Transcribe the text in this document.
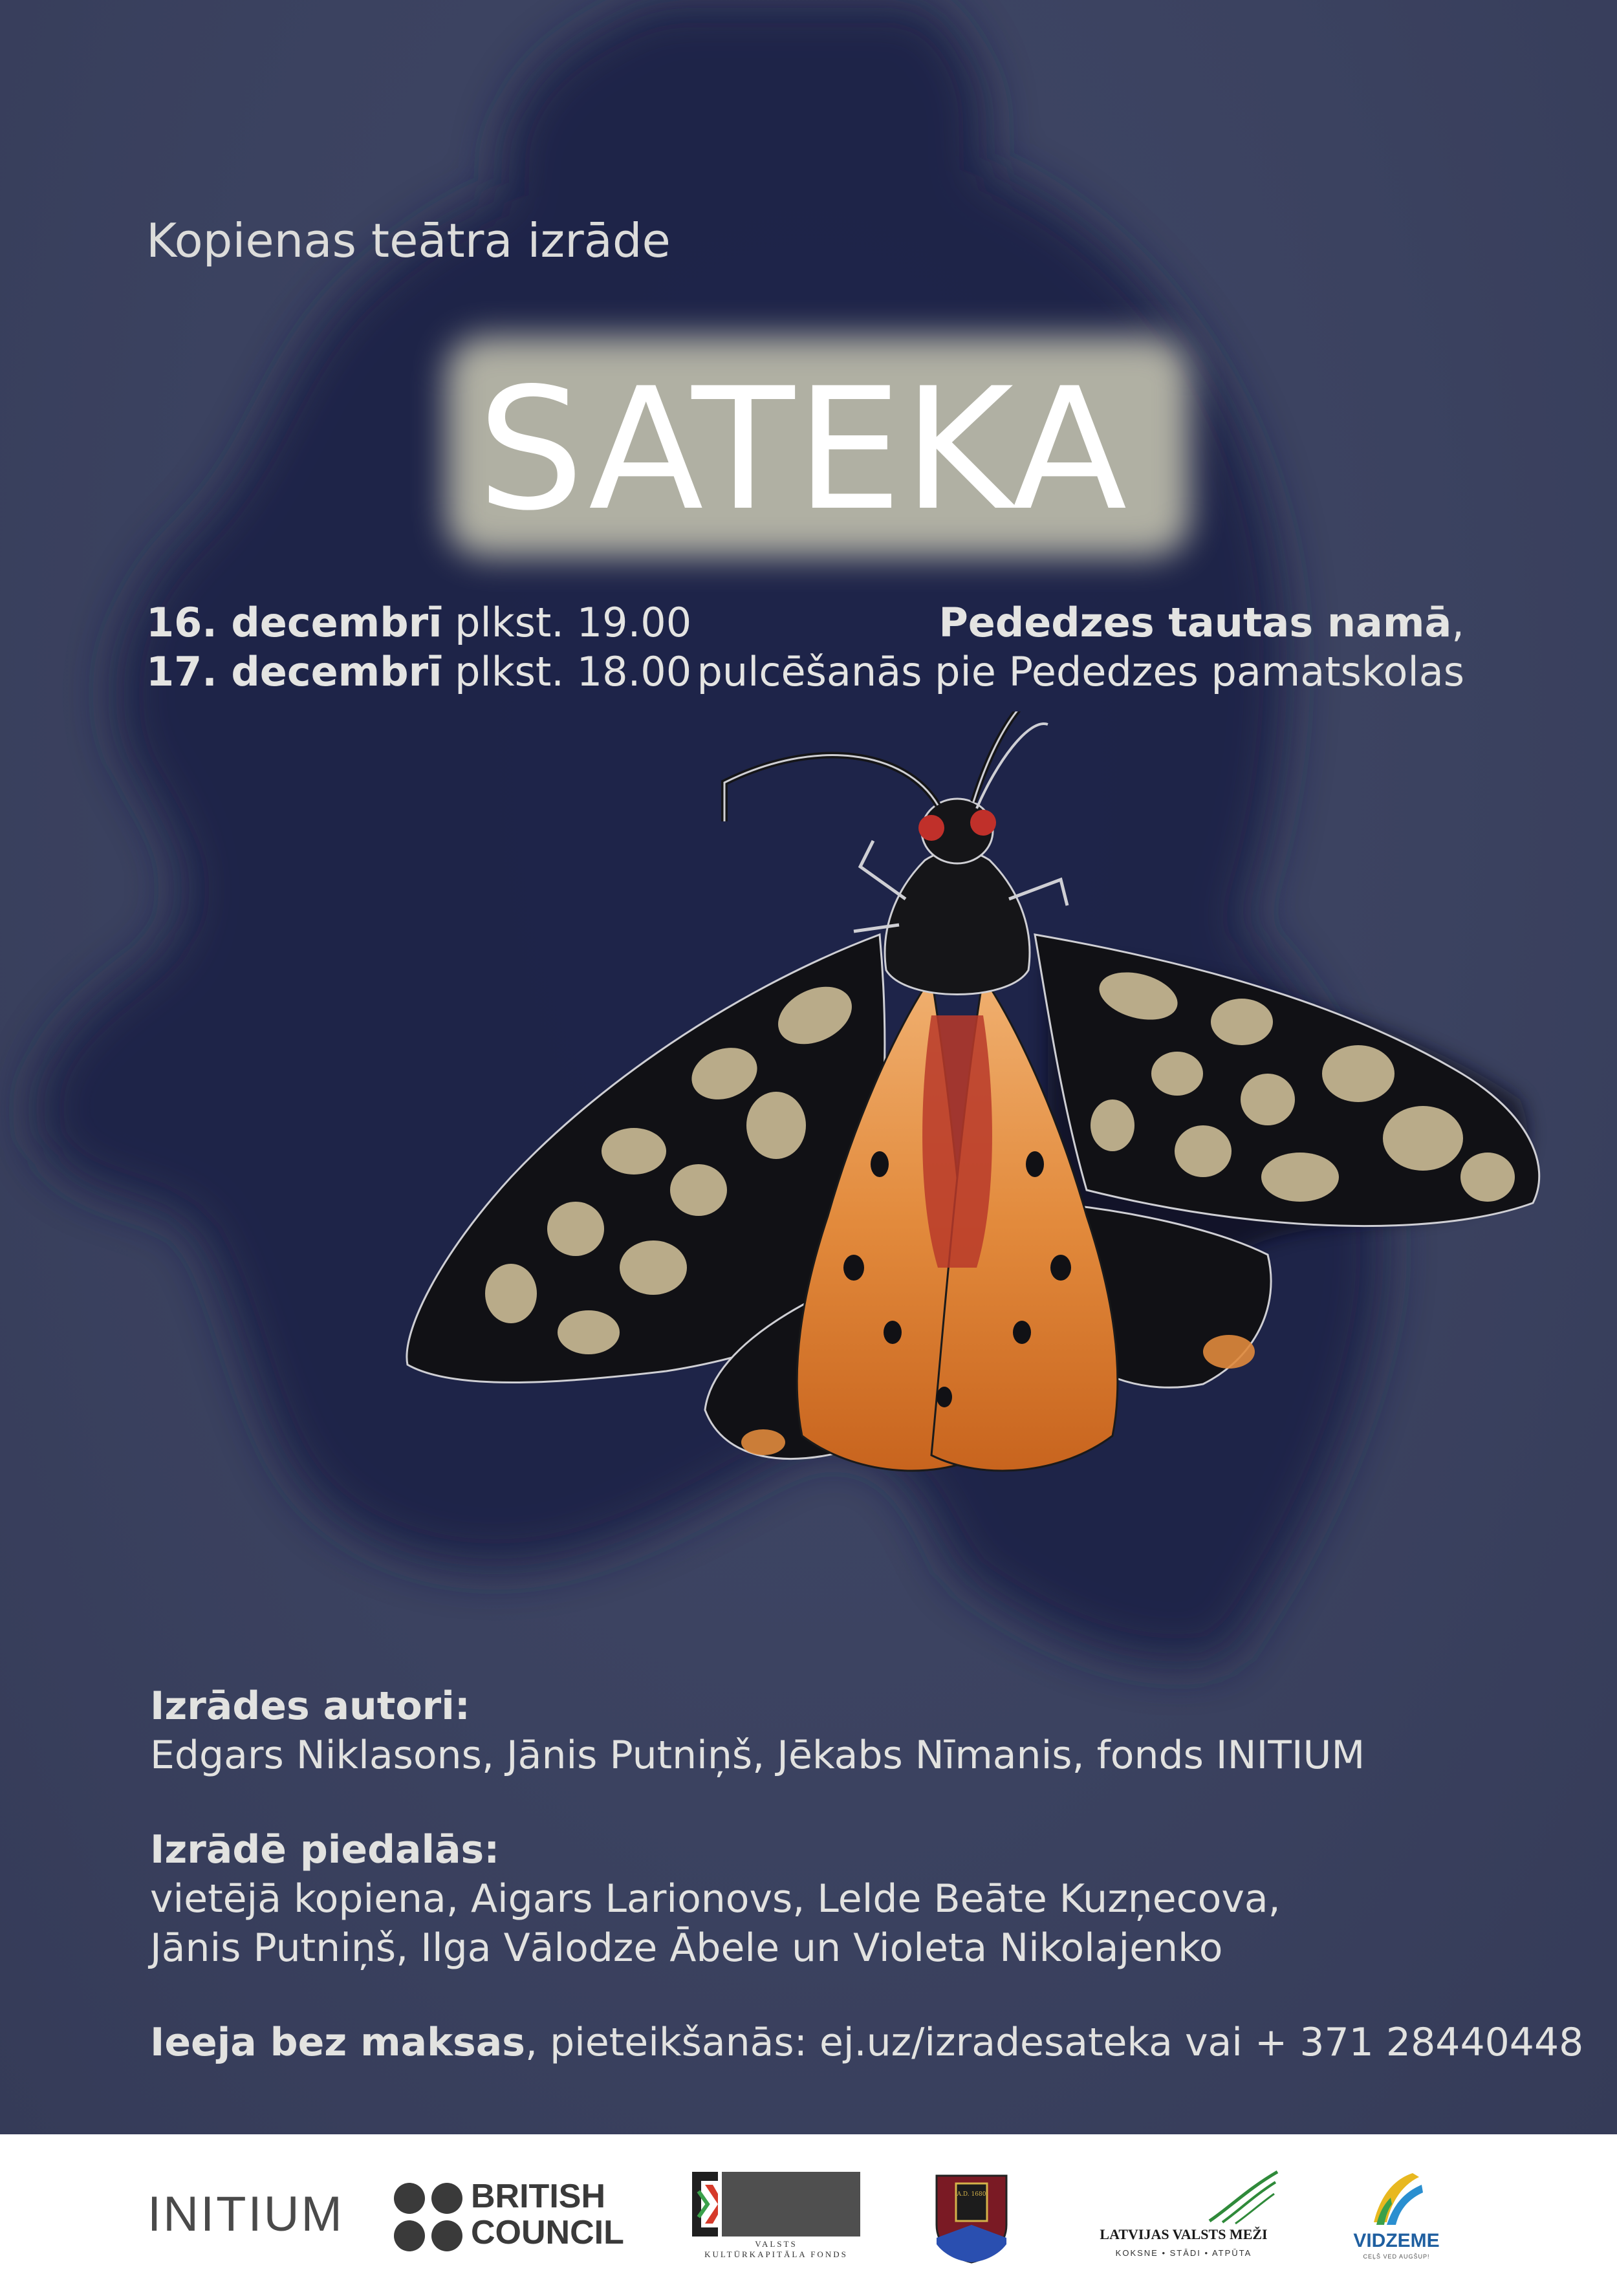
Kopienas teātra izrāde

SATEKA

16. decembrī plkst. 19.00
17. decembrī plkst. 18.00
Pededzes tautas namā,
pulcēšanās pie Pededzes pamatskolas
Izrādes autori:
Edgars Niklasons, Jānis Putniņš, Jēkabs Nīmanis, fonds INITIUM
Izrādē piedalās:
vietējā kopiena, Aigars Larionovs, Lelde Beāte Kuzņecova,
Jānis Putniņš, Ilga Vālodze Ābele un Violeta Nikolajenko
Ieeja bez maksas, pieteikšanās: ej.uz/izradesateka vai + 371 28440448
INITIUM	BRITISH
COUNCIL	VALSTS
KULTŪRKAPITĀLA FONDS
A.D. 1680
LATVIJAS VALSTS MEŽI
KOKSNE • STĀDI • ATPŪTA
VIDZEME
CEĻŠ VED AUGŠUP!
